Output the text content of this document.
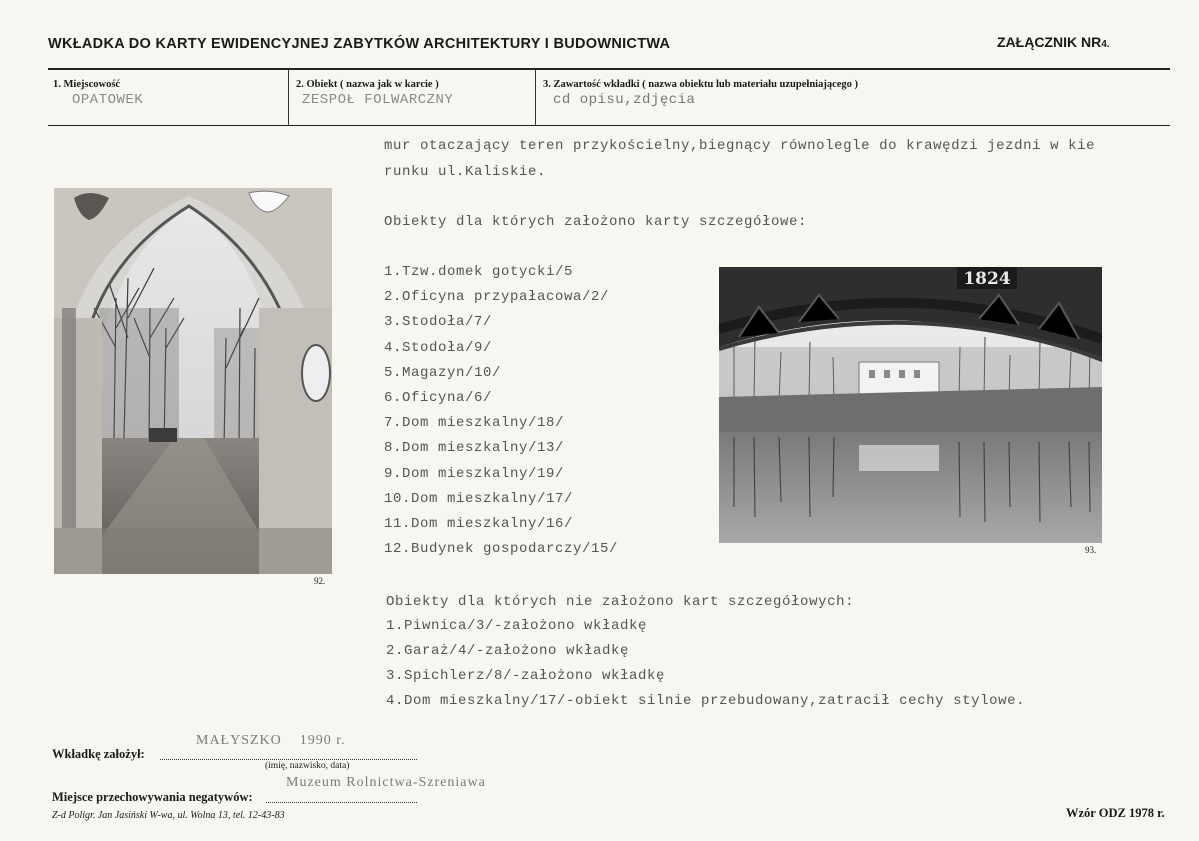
WKŁADKA DO KARTY EWIDENCYJNEJ ZABYTKÓW ARCHITEKTURY I BUDOWNICTWA	ZAŁĄCZNIK NR4.
1. Miejscowość
OPATOWEK
2. Obiekt ( nazwa jak w karcie )
ZESPOŁ FOLWARCZNY
3. Zawartość wkładki ( nazwa obiektu lub materiału uzupełniającego )
cd opisu,zdjęcia
mur otaczający teren przykościelny,biegnący równolegle do krawędzi jezdni w kie
runku ul.Kaliskie.
Obiekty dla których założono karty szczegółowe:
1.Tzw.domek gotycki/5
2.Oficyna przypałacowa/2/
3.Stodoła/7/
4.Stodoła/9/
5.Magazyn/10/
6.Oficyna/6/
7.Dom mieszkalny/18/
8.Dom mieszkalny/13/
9.Dom mieszkalny/19/
10.Dom mieszkalny/17/
11.Dom mieszkalny/16/
12.Budynek gospodarczy/15/
Obiekty dla których nie założono kart szczegółowych:
1.Piwnica/3/-założono wkładkę
2.Garaż/4/-założono wkładkę
3.Spichlerz/8/-założono wkładkę
4.Dom mieszkalny/17/-obiekt silnie przebudowany,zatracił cechy stylowe.
92.
1824
93.
MAŁYSZKO    1990 r.
Wkładkę założył:
(imię, nazwisko, data)
Muzeum Rolnictwa-Szreniawa
Miejsce przechowywania negatywów:
Z-d Poligr. Jan Jasiński W-wa, ul. Wolna 13, tel. 12-43-83	Wzór ODZ 1978 r.
